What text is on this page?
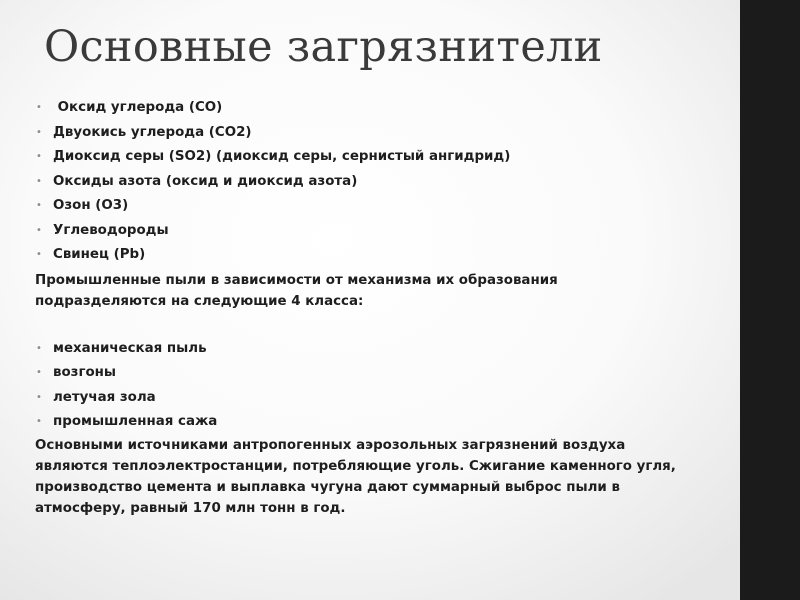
Основные загрязнители
• Оксид углерода (СО)
• Двуокись углерода (СО2)
• Диоксид серы (SO2) (диоксид серы, сернистый ангидрид)
• Оксиды азота (оксид и диоксид азота)
• Озон (О3)
• Углеводороды
• Свинец (Pb)

Промышленные пыли в зависимости от механизма их образования подразделяются на следующие 4 класса:

• механическая пыль
• возгоны
• летучая зола
• промышленная сажа

Основными источниками антропогенных аэрозольных загрязнений воздуха являются теплоэлектростанции, потребляющие уголь. Сжигание каменного угля, производство цемента и выплавка чугуна дают суммарный выброс пыли в атмосферу, равный 170 млн тонн в год.
